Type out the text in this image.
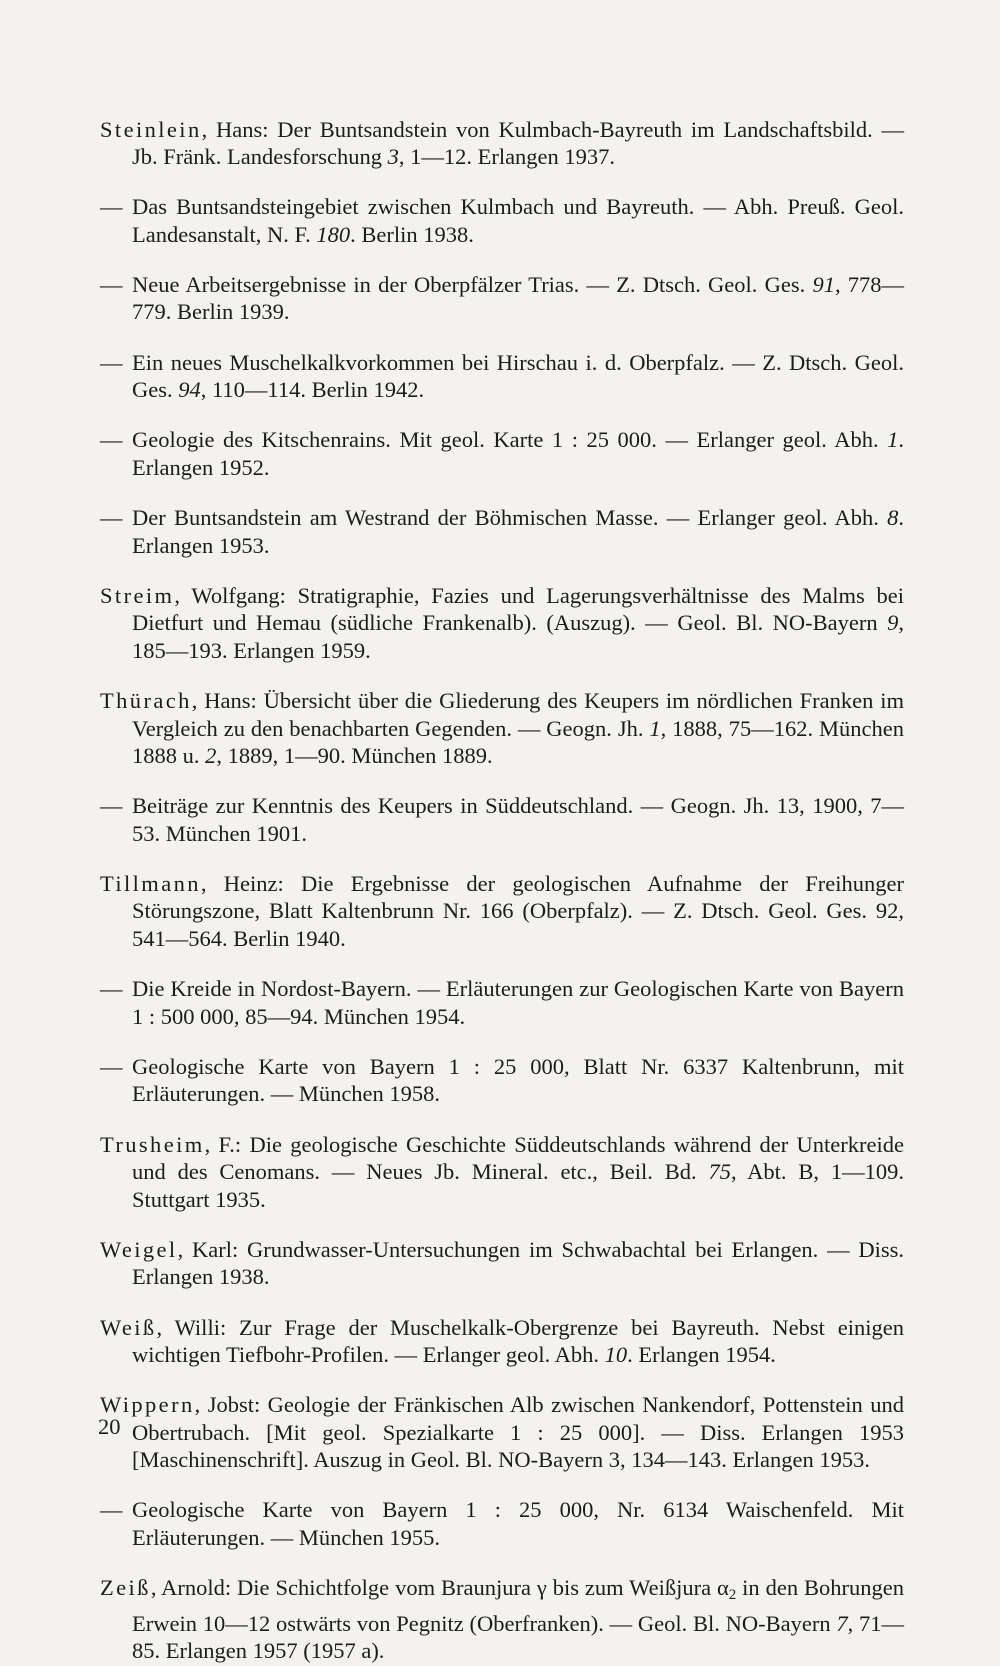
Steinlein, Hans: Der Buntsandstein von Kulmbach-Bayreuth im Landschaftsbild. — Jb. Fränk. Landesforschung 3, 1—12. Erlangen 1937.

— Das Buntsandsteingebiet zwischen Kulmbach und Bayreuth. — Abh. Preuß. Geol. Landesanstalt, N. F. 180. Berlin 1938.

— Neue Arbeitsergebnisse in der Oberpfälzer Trias. — Z. Dtsch. Geol. Ges. 91, 778—779. Berlin 1939.

— Ein neues Muschelkalkvorkommen bei Hirschau i. d. Oberpfalz. — Z. Dtsch. Geol. Ges. 94, 110—114. Berlin 1942.

— Geologie des Kitschenrains. Mit geol. Karte 1 : 25 000. — Erlanger geol. Abh. 1. Erlangen 1952.

— Der Buntsandstein am Westrand der Böhmischen Masse. — Erlanger geol. Abh. 8. Erlangen 1953.

Streim, Wolfgang: Stratigraphie, Fazies und Lagerungsverhältnisse des Malms bei Dietfurt und Hemau (südliche Frankenalb). (Auszug). — Geol. Bl. NO-Bayern 9, 185—193. Erlangen 1959.

Thürach, Hans: Übersicht über die Gliederung des Keupers im nördlichen Franken im Vergleich zu den benachbarten Gegenden. — Geogn. Jh. 1, 1888, 75—162. München 1888 u. 2, 1889, 1—90. München 1889.

— Beiträge zur Kenntnis des Keupers in Süddeutschland. — Geogn. Jh. 13, 1900, 7—53. München 1901.

Tillmann, Heinz: Die Ergebnisse der geologischen Aufnahme der Freihunger Störungszone, Blatt Kaltenbrunn Nr. 166 (Oberpfalz). — Z. Dtsch. Geol. Ges. 92, 541—564. Berlin 1940.

— Die Kreide in Nordost-Bayern. — Erläuterungen zur Geologischen Karte von Bayern 1 : 500 000, 85—94. München 1954.

— Geologische Karte von Bayern 1 : 25 000, Blatt Nr. 6337 Kaltenbrunn, mit Erläuterungen. — München 1958.

Trusheim, F.: Die geologische Geschichte Süddeutschlands während der Unterkreide und des Cenomans. — Neues Jb. Mineral. etc., Beil. Bd. 75, Abt. B, 1—109. Stuttgart 1935.

Weigel, Karl: Grundwasser-Untersuchungen im Schwabachtal bei Erlangen. — Diss. Erlangen 1938.

Weiß, Willi: Zur Frage der Muschelkalk-Obergrenze bei Bayreuth. Nebst einigen wichtigen Tiefbohr-Profilen. — Erlanger geol. Abh. 10. Erlangen 1954.

Wippern, Jobst: Geologie der Fränkischen Alb zwischen Nankendorf, Pottenstein und Obertrubach. [Mit geol. Spezialkarte 1 : 25 000]. — Diss. Erlangen 1953 [Maschinenschrift]. Auszug in Geol. Bl. NO-Bayern 3, 134—143. Erlangen 1953.

— Geologische Karte von Bayern 1 : 25 000, Nr. 6134 Waischenfeld. Mit Erläuterungen. — München 1955.

Zeiß, Arnold: Die Schichtfolge vom Braunjura γ bis zum Weißjura $\alpha_2$ in den Bohrungen Erwein 10—12 ostwärts von Pegnitz (Oberfranken). — Geol. Bl. NO-Bayern 7, 71—85. Erlangen 1957 (1957 a).

20
